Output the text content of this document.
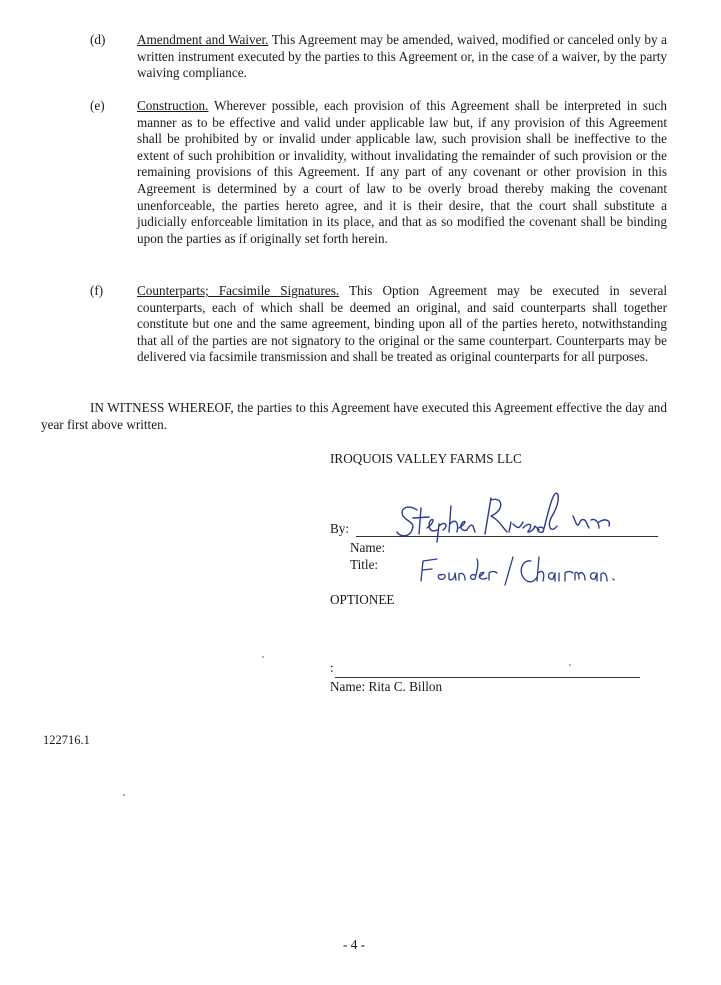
(d) Amendment and Waiver. This Agreement may be amended, waived, modified or canceled only by a written instrument executed by the parties to this Agreement or, in the case of a waiver, by the party waiving compliance.
(e) Construction. Wherever possible, each provision of this Agreement shall be interpreted in such manner as to be effective and valid under applicable law but, if any provision of this Agreement shall be prohibited by or invalid under applicable law, such provision shall be ineffective to the extent of such prohibition or invalidity, without invalidating the remainder of such provision or the remaining provisions of this Agreement. If any part of any covenant or other provision in this Agreement is determined by a court of law to be overly broad thereby making the covenant unenforceable, the parties hereto agree, and it is their desire, that the court shall substitute a judicially enforceable limitation in its place, and that as so modified the covenant shall be binding upon the parties as if originally set forth herein.
(f)	Counterparts; Facsimile Signatures. This Option Agreement may be executed in several counterparts, each of which shall be deemed an original, and said counterparts shall together constitute but one and the same agreement, binding upon all of the parties hereto, notwithstanding that all of the parties are not signatory to the original or the same counterpart. Counterparts may be delivered via facsimile transmission and shall be treated as original counterparts for all purposes.
IN WITNESS WHEREOF, the parties to this Agreement have executed this Agreement effective the day and year first above written.
IROQUOIS VALLEY FARMS LLC
By:
Name:
Title:
OPTIONEE
:
Name: Rita C. Billon
122716.1
- 4 -
